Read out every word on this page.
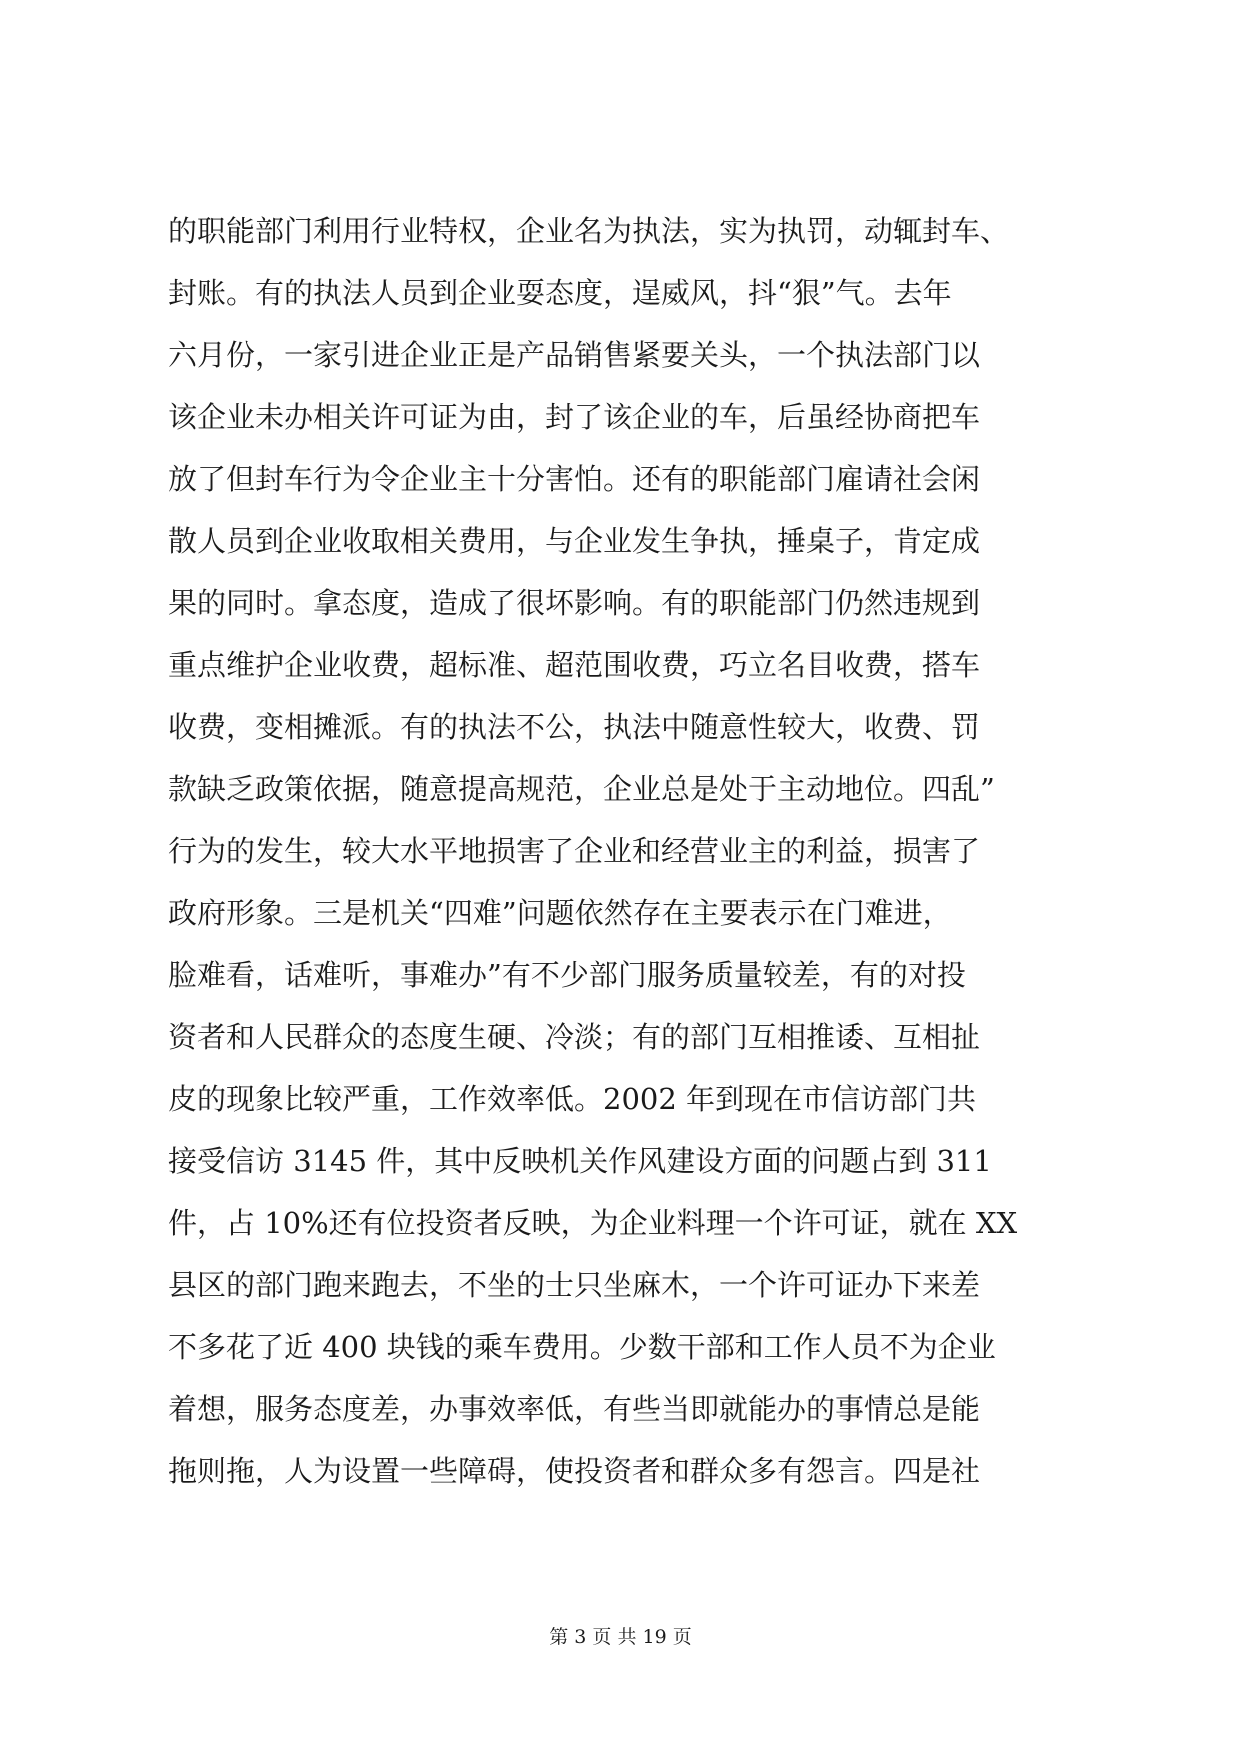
的职能部门利用行业特权，企业名为执法，实为执罚，动辄封车、
封账。有的执法人员到企业耍态度，逞威风，抖“狠”气。去年
六月份，一家引进企业正是产品销售紧要关头，一个执法部门以
该企业未办相关许可证为由，封了该企业的车，后虽经协商把车
放了但封车行为令企业主十分害怕。还有的职能部门雇请社会闲
散人员到企业收取相关费用，与企业发生争执，捶桌子，肯定成
果的同时。拿态度，造成了很坏影响。有的职能部门仍然违规到
重点维护企业收费，超标准、超范围收费，巧立名目收费，搭车
收费，变相摊派。有的执法不公，执法中随意性较大，收费、罚
款缺乏政策依据，随意提高规范，企业总是处于主动地位。四乱”
行为的发生，较大水平地损害了企业和经营业主的利益，损害了
政府形象。三是机关“四难”问题依然存在主要表示在门难进，
脸难看，话难听，事难办”有不少部门服务质量较差，有的对投
资者和人民群众的态度生硬、冷淡；有的部门互相推诿、互相扯
皮的现象比较严重，工作效率低。2002 年到现在市信访部门共
接受信访 3145 件，其中反映机关作风建设方面的问题占到 311
件，占 10%还有位投资者反映，为企业料理一个许可证，就在 XX
县区的部门跑来跑去，不坐的士只坐麻木，一个许可证办下来差
不多花了近 400 块钱的乘车费用。少数干部和工作人员不为企业
着想，服务态度差，办事效率低，有些当即就能办的事情总是能
拖则拖，人为设置一些障碍，使投资者和群众多有怨言。四是社
第 3 页 共 19 页
